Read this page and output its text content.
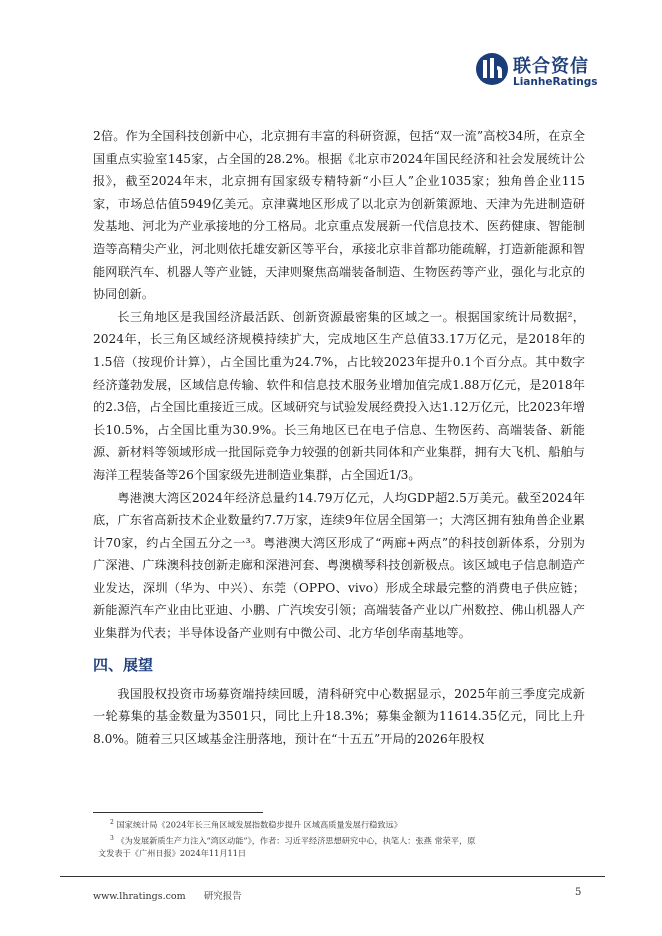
联合资信
LianheRatings

2倍。作为全国科技创新中心，北京拥有丰富的科研资源，包括“双一流”高校34所，在京全国重点实验室145家，占全国的28.2%。根据《北京市2024年国民经济和社会发展统计公报》，截至2024年末，北京拥有国家级专精特新“小巨人”企业1035家；独角兽企业115家，市场总估值5949亿美元。京津冀地区形成了以北京为创新策源地、天津为先进制造研发基地、河北为产业承接地的分工格局。北京重点发展新一代信息技术、医药健康、智能制造等高精尖产业，河北则依托雄安新区等平台，承接北京非首都功能疏解，打造新能源和智能网联汽车、机器人等产业链，天津则聚焦高端装备制造、生物医药等产业，强化与北京的协同创新。

长三角地区是我国经济最活跃、创新资源最密集的区域之一。根据国家统计局数据²，2024年，长三角区域经济规模持续扩大，完成地区生产总值33.17万亿元，是2018年的1.5倍（按现价计算），占全国比重为24.7%，占比较2023年提升0.1个百分点。其中数字经济蓬勃发展，区域信息传输、软件和信息技术服务业增加值完成1.88万亿元，是2018年的2.3倍，占全国比重接近三成。区域研究与试验发展经费投入达1.12万亿元，比2023年增长10.5%，占全国比重为30.9%。长三角地区已在电子信息、生物医药、高端装备、新能源、新材料等领域形成一批国际竞争力较强的创新共同体和产业集群，拥有大飞机、船舶与海洋工程装备等26个国家级先进制造业集群，占全国近1/3。

粤港澳大湾区2024年经济总量约14.79万亿元，人均GDP超2.5万美元。截至2024年底，广东省高新技术企业数量约7.7万家，连续9年位居全国第一；大湾区拥有独角兽企业累计70家，约占全国五分之一³。粤港澳大湾区形成了“两廊+两点”的科技创新体系，分别为广深港、广珠澳科技创新走廊和深港河套、粤澳横琴科技创新极点。该区域电子信息制造产业发达，深圳（华为、中兴）、东莞（OPPO、vivo）形成全球最完整的消费电子供应链；新能源汽车产业由比亚迪、小鹏、广汽埃安引领；高端装备产业以广州数控、佛山机器人产业集群为代表；半导体设备产业则有中微公司、北方华创华南基地等。

四、展望

我国股权投资市场募资端持续回暖，清科研究中心数据显示，2025年前三季度完成新一轮募集的基金数量为3501只，同比上升18.3%；募集金额为11614.35亿元，同比上升8.0%。随着三只区域基金注册落地，预计在“十五五”开局的2026年股权

$^2$ 国家统计局《2024年长三角区域发展指数稳步提升 区域高质量发展行稳致远》

$^3$ 《为发展新质生产力注入“湾区动能”》，作者：习近平经济思想研究中心，执笔人：张燕 常荣平，原

文发表于《广州日报》2024年11月11日

www.lhratings.com 研究报告	5
